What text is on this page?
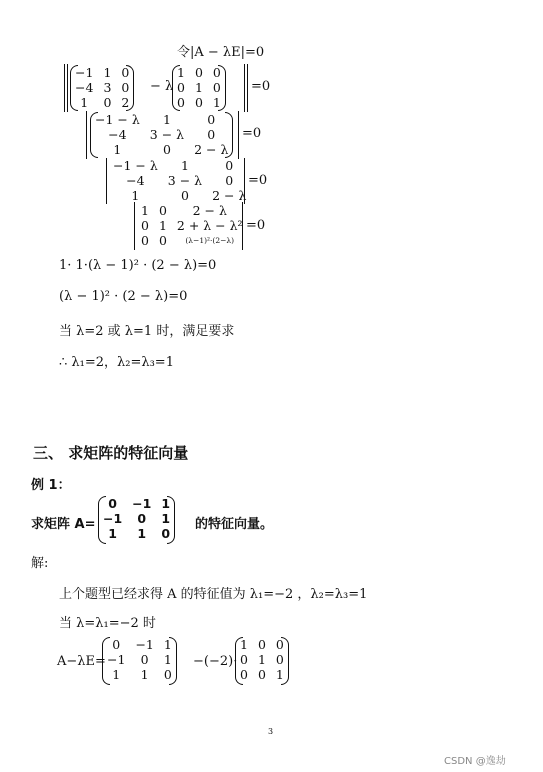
令|A − λE|=0
−1	1	0
−4	3	0
1	0	2
− λ
1	0	0
0	1	0
0	0	1
=0
−1 − λ	1	0
−4	3 − λ	0
1	0	2 − λ
=0
−1 − λ	1	0
−4	3 − λ	0
1	0	2 − λ
=0
1	0	2 − λ
0	1	2 + λ − λ²
0	0	(λ−1)²·(2−λ)
=0
1· 1·(λ − 1)² · (2 − λ)=0
(λ − 1)² · (2 − λ)=0
当 λ=2 或 λ=1 时，满足要求
∴ λ₁=2，λ₂=λ₃=1
三、 求矩阵的特征向量
例 1：
求矩阵 A=
0	−1	1
−1	0	1
1	1	0
的特征向量。
解:
上个题型已经求得 A 的特征值为 λ₁=−2 ，λ₂=λ₃=1
当 λ=λ₁=−2 时
A−λE=
0	−1	1
−1	0	1
1	1	0
−(−2)·
1	0	0
0	1	0
0	0	1
3
CSDN @逸劫
